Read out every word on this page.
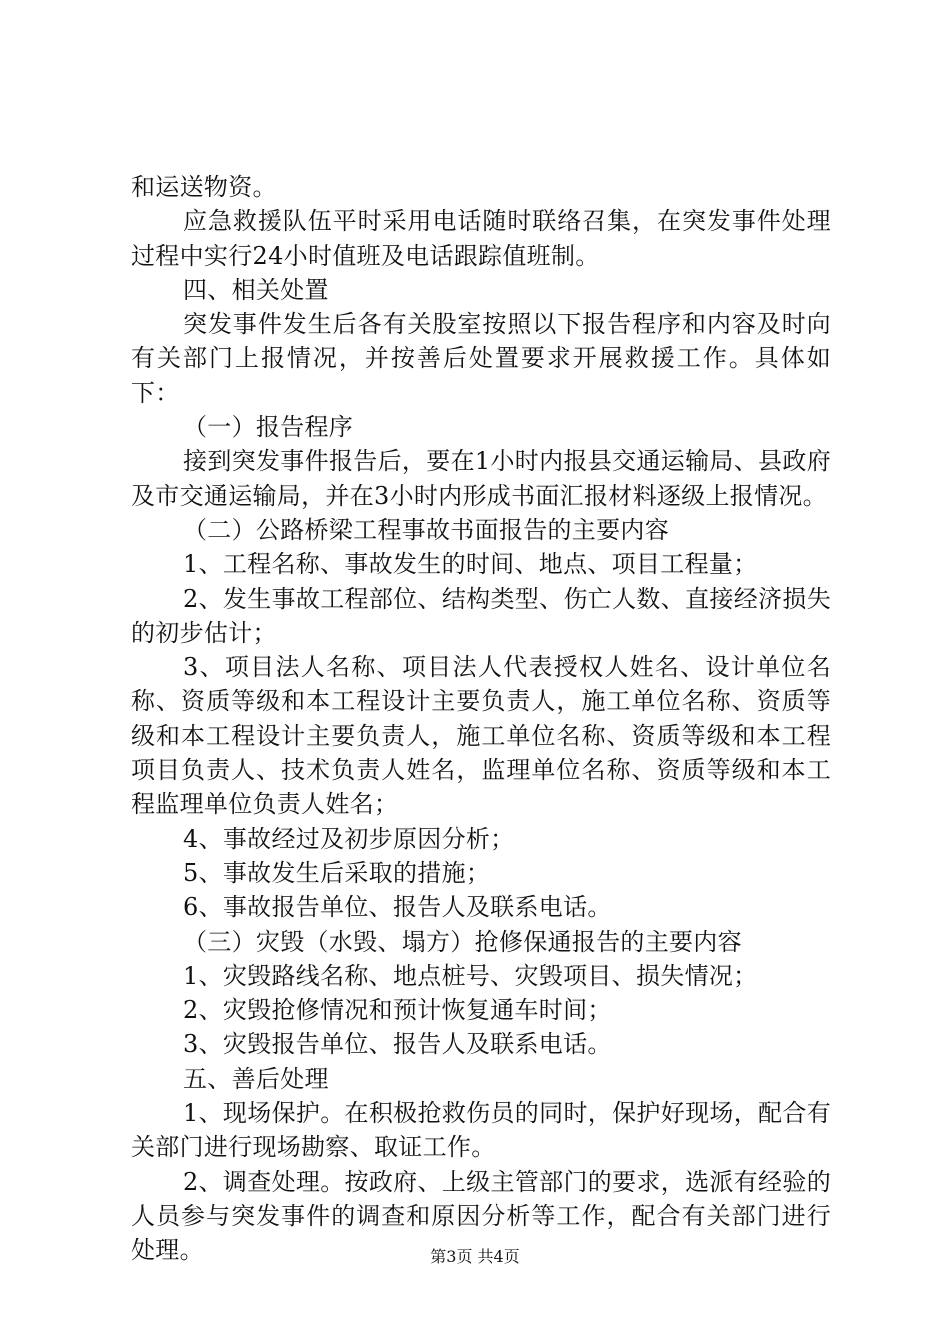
和运送物资。

应急救援队伍平时采用电话随时联络召集，在突发事件处理过程中实行24小时值班及电话跟踪值班制。

四、相关处置

突发事件发生后各有关股室按照以下报告程序和内容及时向有关部门上报情况，并按善后处置要求开展救援工作。具体如下：

（一）报告程序

接到突发事件报告后，要在1小时内报县交通运输局、县政府及市交通运输局，并在3小时内形成书面汇报材料逐级上报情况。

（二）公路桥梁工程事故书面报告的主要内容

1、工程名称、事故发生的时间、地点、项目工程量；

2、发生事故工程部位、结构类型、伤亡人数、直接经济损失的初步估计；

3、项目法人名称、项目法人代表授权人姓名、设计单位名称、资质等级和本工程设计主要负责人，施工单位名称、资质等级和本工程设计主要负责人，施工单位名称、资质等级和本工程项目负责人、技术负责人姓名，监理单位名称、资质等级和本工程监理单位负责人姓名；

4、事故经过及初步原因分析；

5、事故发生后采取的措施；

6、事故报告单位、报告人及联系电话。

（三）灾毁（水毁、塌方）抢修保通报告的主要内容

1、灾毁路线名称、地点桩号、灾毁项目、损失情况；

2、灾毁抢修情况和预计恢复通车时间；

3、灾毁报告单位、报告人及联系电话。

五、善后处理

1、现场保护。在积极抢救伤员的同时，保护好现场，配合有关部门进行现场勘察、取证工作。

2、调查处理。按政府、上级主管部门的要求，选派有经验的人员参与突发事件的调查和原因分析等工作，配合有关部门进行处理。	第3页 共4页
